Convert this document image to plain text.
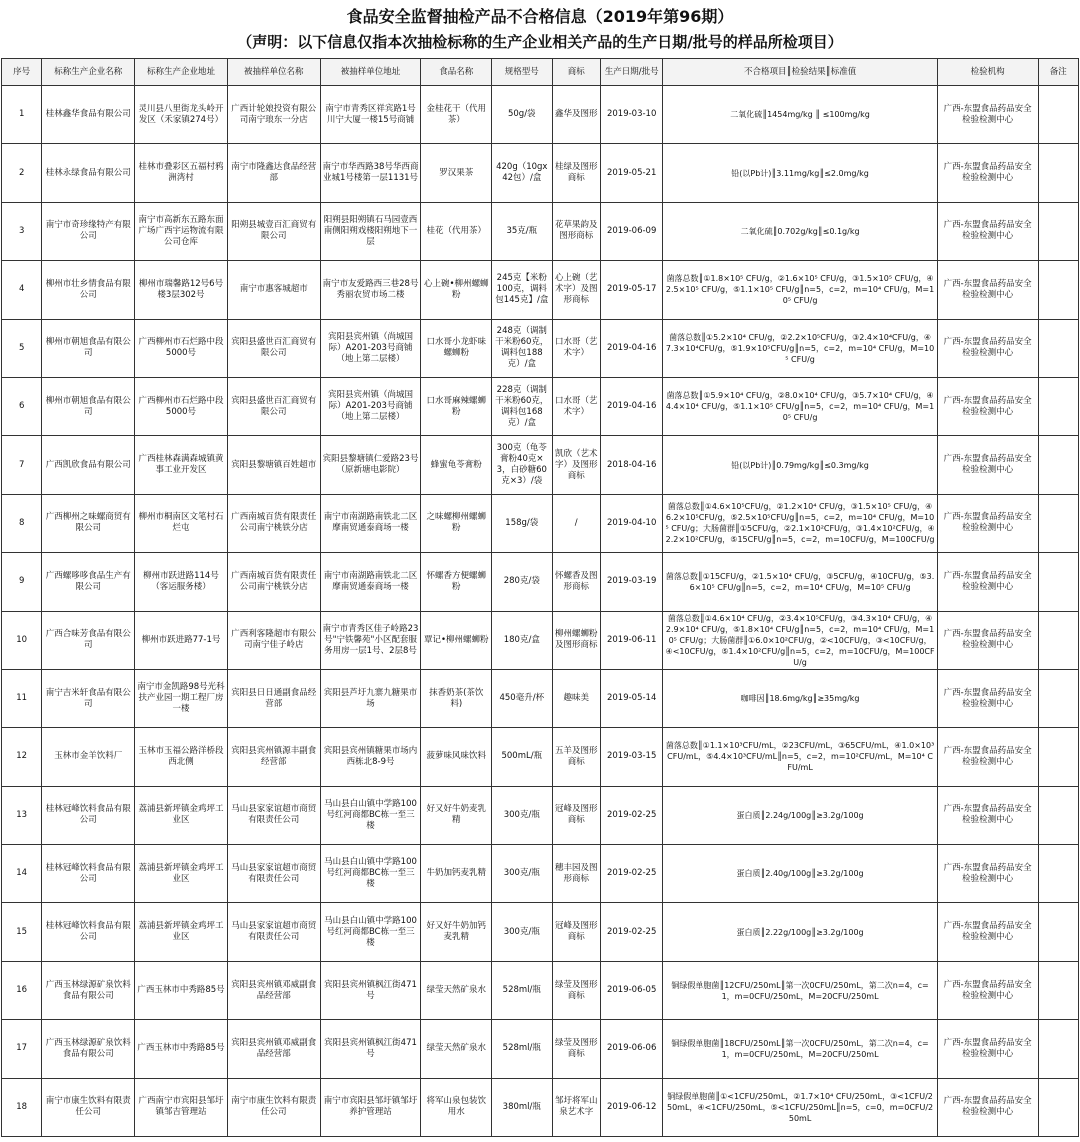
食品安全监督抽检产品不合格信息（2019年第96期）
（声明：以下信息仅指本次抽检标称的生产企业相关产品的生产日期/批号的样品所检项目）
序号	标称生产企业名称	标称生产企业地址	被抽样单位名称	被抽样单位地址	食品名称	规格型号	商标	生产日期/批号	不合格项目║检验结果║标准值	检验机构	备注
1	桂林鑫华食品有限公司	灵川县八里街龙头岭开发区（禾家镇274号）	广西计轮娘投资有限公司南宁琅东一分店	南宁市青秀区祥宾路1号川宁大厦一楼15号商铺	金桂花干（代用茶）	50g/袋	鑫华及图形	2019-03-10	二氧化硫║1454mg/kg ║ ≤100mg/kg	广西-东盟食品药品安全检验检测中心	
2	桂林永绿食品有限公司	桂林市叠彩区五福村鸦洲湾村	南宁市隆鑫达食品经营部	南宁市华西路38号华西商业城1号楼第一层1131号	罗汉果茶	420g（10gx42包）/盒	桂绿及图形商标	2019-05-21	铅(以Pb计)║3.11mg/kg║≤2.0mg/kg	广西-东盟食品药品安全检验检测中心	
3	南宁市奇珍缘特产有限公司	南宁市高新东五路东面广场广西宇运物流有限公司仓库	阳朔县城壹百汇商贸有限公司	阳朔县阳朔镇石马园壹西南侧阳朔戏楼阳朔地下一层	桂花（代用茶）	35克/瓶	花草果韵及图形商标	2019-06-09	二氧化硫║0.702g/kg║≤0.1g/kg	广西-东盟食品药品安全检验检测中心	
4	柳州市壮乡情食品有限公司	柳州市瑞馨路12号6号楼3层302号	南宁市惠客城超市	南宁市友爱路西三巷28号秀丽农贸市场二楼	心上碗•柳州螺蛳粉	245克【米粉100克，调料包145克】/盒	心上碗（艺术字）及图形商标	2019-05-17	菌落总数║①1.8×10⁵ CFU/g，②1.6×10⁵ CFU/g，③1.5×10⁵ CFU/g，④2.5×10⁵ CFU/g，⑤1.1×10⁵ CFU/g║n=5，c=2，m=10⁴ CFU/g，M=10⁵ CFU/g	广西-东盟食品药品安全检验检测中心	
5	柳州市朝旭食品有限公司	广西柳州市石烂路中段5000号	宾阳县盛世百汇商贸有限公司	宾阳县宾州镇（尚城国际）A201-203号商铺（地上第二层楼）	口水哥小龙虾味螺蛳粉	248克（调制干米粉60克，调料包188克）/盒	口水哥（艺术字）	2019-04-16	菌落总数║①5.2×10⁴ CFU/g，②2.2×10⁵CFU/g，③2.4×10⁴CFU/g，④7.3×10⁴CFU/g，⑤1.9×10⁵CFU/g║n=5，c=2，m=10⁴ CFU/g，M=10⁵ CFU/g	广西-东盟食品药品安全检验检测中心	
6	柳州市朝旭食品有限公司	广西柳州市石烂路中段5000号	宾阳县盛世百汇商贸有限公司	宾阳县宾州镇（尚城国际）A201-203号商铺（地上第二层楼）	口水哥麻辣螺蛳粉	228克（调制干米粉60克，调料包168克）/盒	口水哥（艺术字）	2019-04-16	菌落总数║①5.9×10⁴ CFU/g，②8.0×10⁴ CFU/g，③5.7×10⁴ CFU/g，④4.4×10⁴ CFU/g，⑤1.1×10⁵ CFU/g║n=5，c=2，m=10⁴ CFU/g，M=10⁵ CFU/g	广西-东盟食品药品安全检验检测中心	
7	广西凯欣食品有限公司	广西桂林森满森城镇黄事工业开发区	宾阳县黎塘镇百姓超市	宾阳县黎塘镇仁爱路23号（原新塘电影院）	蜂蜜龟苓膏粉	300克（龟苓膏粉40克×3，白砂糖60克×3）/袋	凯欣（艺术字）及图形商标	2018-04-16	铅(以Pb计)║0.79mg/kg║≤0.3mg/kg	广西-东盟食品药品安全检验检测中心	
8	广西柳州之味螺商贸有限公司	柳州市桐南区文笔村石烂屯	广西南城百货有限责任公司南宁桃铁分店	南宁市南湖路南铁北二区摩南贸通泰商场一楼	之味螺柳州螺蛳粉	158g/袋	/	2019-04-10	菌落总数║①4.6×10⁵CFU/g，②1.2×10⁴ CFU/g，③1.5×10⁵ CFU/g，④6.2×10⁵CFU/g，⑤2.5×10⁵CFU/g║n=5，c=2，m=10⁴ CFU/g，M=10⁵ CFU/g；大肠菌群║①5CFU/g，②2.1×10²CFU/g，③1.4×10²CFU/g，④2.2×10²CFU/g，⑤15CFU/g║n=5，c=2，m=10CFU/g，M=100CFU/g	广西-东盟食品药品安全检验检测中心	
9	广西螺哆哆食品生产有限公司	柳州市跃进路114号（客运服务楼）	广西南城百货有限责任公司南宁桃铁分店	南宁市南湖路南铁北二区摩南贸通泰商场一楼	怀螺香方便螺蛳粉	280克/袋	怀螺香及图形商标	2019-03-19	菌落总数║①15CFU/g，②1.5×10⁴ CFU/g，③5CFU/g，④10CFU/g，⑤3.6×10⁵ CFU/g║n=5，c=2，m=10⁴ CFU/g，M=10⁵ CFU/g	广西-东盟食品药品安全检验检测中心	
10	广西合味芳食品有限公司	柳州市跃进路77-1号	广西利客隆超市有限公司南宁佳子岭店	南宁市青秀区佳子岭路23号"宁铁馨苑"小区配套服务用房一层1号、2层8号	覃记•柳州螺蛳粉	180克/盒	柳州螺蛳粉及图形商标	2019-06-11	菌落总数║①4.6×10⁴ CFU/g，②3.4×10⁵CFU/g，③4.3×10⁴ CFU/g，④2.9×10⁴ CFU/g，⑤1.8×10⁴ CFU/g║n=5，c=2，m=10⁴ CFU/g，M=10⁵ CFU/g；大肠菌群║①6.0×10²CFU/g，②<10CFU/g，③<10CFU/g，④<10CFU/g，⑤1.4×10²CFU/g║n=5，c=2，m=10CFU/g，M=100CFU/g	广西-东盟食品药品安全检验检测中心	
11	南宁吉米轩食品有限公司	南宁市金凯路98号光科扶产业园一期工程厂房一楼	宾阳县日日通副食品经营部	宾阳县芦圩九寨九糖果市场	抹香奶茶(茶饮料)	450毫升/杯	趣味美	2019-05-14	咖啡因║18.6mg/kg║≥35mg/kg	广西-东盟食品药品安全检验检测中心	
12	玉林市金羊饮料厂	玉林市玉福公路洋桥段西北侧	宾阳县宾州镇源丰副食经营部	宾阳县宾州镇糖果市场内西栋北8-9号	菠萝味风味饮料	500mL/瓶	五羊及图形商标	2019-03-15	菌落总数║①1.1×10³CFU/mL，②23CFU/mL，③65CFU/mL，④1.0×10³CFU/mL，⑤4.4×10³CFU/mL║n=5，c=2，m=10²CFU/mL，M=10⁴ CFU/mL	广西-东盟食品药品安全检验检测中心	
13	桂林冠峰饮料食品有限公司	荔浦县新坪镇金鸡坪工业区	马山县家家谊超市商贸有限责任公司	马山县白山镇中学路100号红河商都BC栋一至三楼	好又好牛奶麦乳精	300克/瓶	冠峰及图形商标	2019-02-25	蛋白质║2.24g/100g║≥3.2g/100g	广西-东盟食品药品安全检验检测中心	
14	桂林冠峰饮料食品有限公司	荔浦县新坪镇金鸡坪工业区	马山县家家谊超市商贸有限责任公司	马山县白山镇中学路100号红河商都BC栋一至三楼	牛奶加钙麦乳精	300克/瓶	穗丰园及图形商标	2019-02-25	蛋白质║2.40g/100g║≥3.2g/100g	广西-东盟食品药品安全检验检测中心	
15	桂林冠峰饮料食品有限公司	荔浦县新坪镇金鸡坪工业区	马山县家家谊超市商贸有限责任公司	马山县白山镇中学路100号红河商都BC栋一至三楼	好又好牛奶加钙麦乳精	300克/瓶	冠峰及图形商标	2019-02-25	蛋白质║2.22g/100g║≥3.2g/100g	广西-东盟食品药品安全检验检测中心	
16	广西玉林绿源矿泉饮料食品有限公司	广西玉林市中秀路85号	宾阳县宾州镇邓威副食品经营部	宾阳县宾州镇枫江街471号	绿莹天然矿泉水	528ml/瓶	绿莹及图形商标	2019-06-05	铜绿假单胞菌║12CFU/250mL║第一次0CFU/250mL，第二次n=4，c=1，m=0CFU/250mL，M=20CFU/250mL	广西-东盟食品药品安全检验检测中心	
17	广西玉林绿源矿泉饮料食品有限公司	广西玉林市中秀路85号	宾阳县宾州镇邓威副食品经营部	宾阳县宾州镇枫江街471号	绿莹天然矿泉水	528ml/瓶	绿莹及图形商标	2019-06-06	铜绿假单胞菌║18CFU/250mL║第一次0CFU/250mL，第二次n=4，c=1，m=0CFU/250mL，M=20CFU/250mL	广西-东盟食品药品安全检验检测中心	
18	南宁市康生饮料有限责任公司	广西南宁市宾阳县邹圩镇邹吉管理站	南宁市康生饮料有限责任公司	南宁市宾阳县邹圩镇邹圩养护管理站	将军山泉包装饮用水	380ml/瓶	邹圩将军山泉艺术字	2019-06-12	铜绿假单胞菌║①<1CFU/250mL，②1.7×10⁴ CFU/250mL，③<1CFU/250mL，④<1CFU/250mL，⑤<1CFU/250mL║n=5，c=0，m=0CFU/250mL	广西-东盟食品药品安全检验检测中心	
